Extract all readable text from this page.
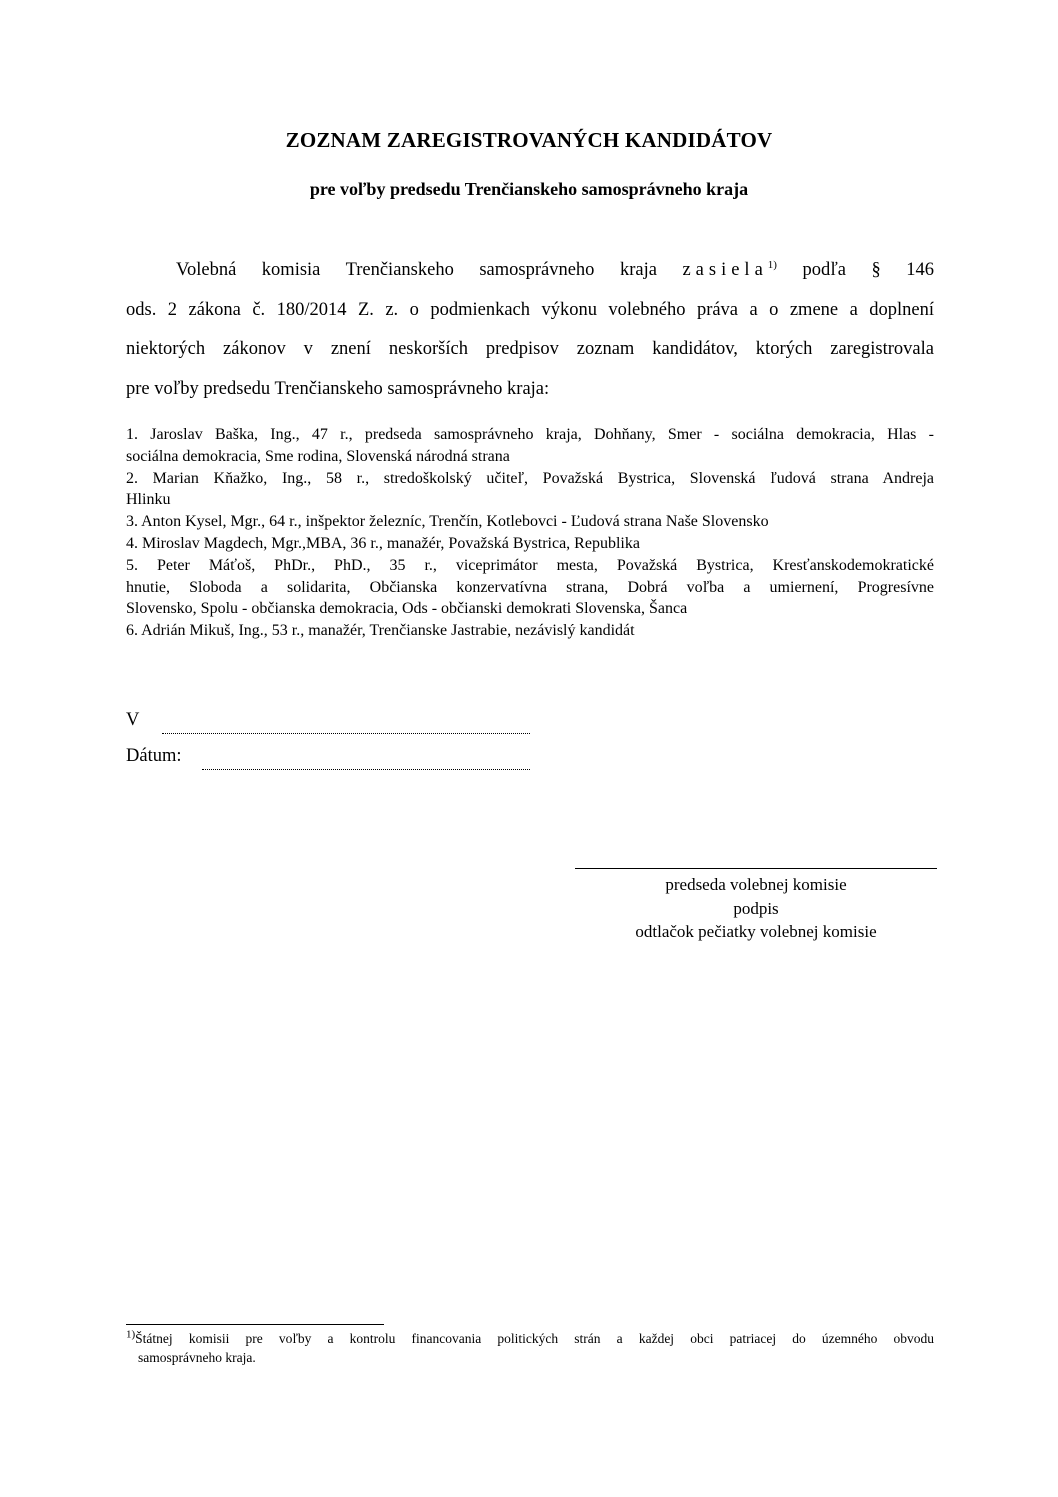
ZOZNAM ZAREGISTROVANÝCH KANDIDÁTOV
pre voľby predsedu Trenčianskeho samosprávneho kraja
Volebná komisia Trenčianskeho samosprávneho kraja zasiela$^{1)}$ podľa § 146
ods. 2 zákona č. 180/2014 Z. z. o podmienkach výkonu volebného práva a o zmene a doplnení
niektorých zákonov v znení neskorších predpisov zoznam kandidátov, ktorých zaregistrovala
pre voľby predsedu Trenčianskeho samosprávneho kraja:
1. Jaroslav Baška, Ing., 47 r., predseda samosprávneho kraja, Dohňany, Smer - sociálna demokracia, Hlas -
sociálna demokracia, Sme rodina, Slovenská národná strana
2. Marian Kňažko, Ing., 58 r., stredoškolský učiteľ, Považská Bystrica, Slovenská ľudová strana Andreja
Hlinku
3. Anton Kysel, Mgr., 64 r., inšpektor železníc, Trenčín, Kotlebovci - Ľudová strana Naše Slovensko
4. Miroslav Magdech, Mgr.,MBA, 36 r., manažér, Považská Bystrica, Republika
5. Peter Máťoš, PhDr., PhD., 35 r., viceprimátor mesta, Považská Bystrica, Kresťanskodemokratické
hnutie, Sloboda a solidarita, Občianska konzervatívna strana, Dobrá voľba a umiernení, Progresívne
Slovensko, Spolu - občianska demokracia, Ods - občianski demokrati Slovenska, Šanca
6. Adrián Mikuš, Ing., 53 r., manažér, Trenčianske Jastrabie, nezávislý kandidát
V
Dátum:
predseda volebnej komisie
podpis
odtlačok pečiatky volebnej komisie
$^{1)}$Štátnej komisii pre voľby a kontrolu financovania politických strán a každej obci patriacej do územného obvodu
samosprávneho kraja.
